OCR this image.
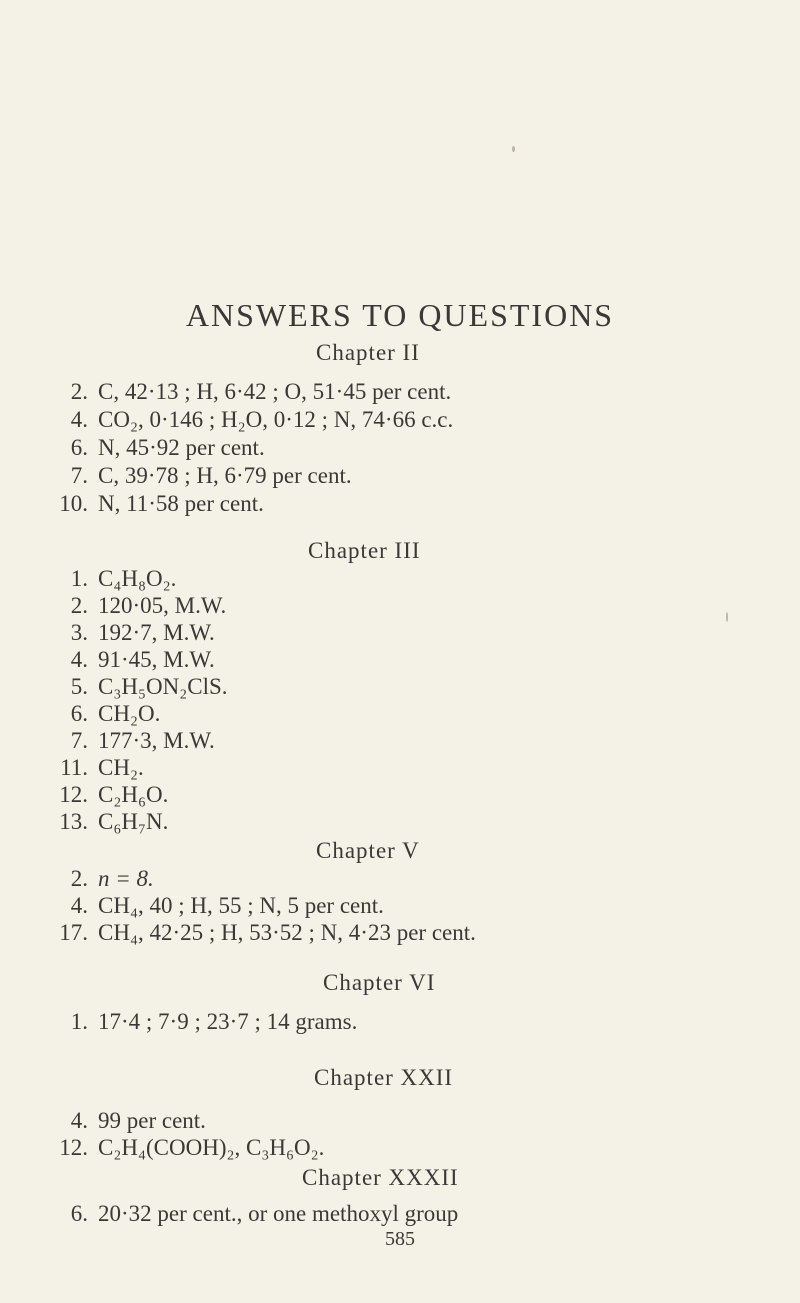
ANSWERS TO QUESTIONS
Chapter II
2. C, 42·13 ; H, 6·42 ; O, 51·45 per cent.
4. CO₂, 0·146 ; H₂O, 0·12 ; N, 74·66 c.c.
6. N, 45·92 per cent.
7. C, 39·78 ; H, 6·79 per cent.
10. N, 11·58 per cent.
Chapter III
1. C₄H₈O₂.
2. 120·05, M.W.
3. 192·7, M.W.
4. 91·45, M.W.
5. C₃H₅ON₂ClS.
6. CH₂O.
7. 177·3, M.W.
11. CH₂.
12. C₂H₆O.
13. C₆H₇N.
Chapter V
2. n = 8.
4. CH₄, 40 ; H, 55 ; N, 5 per cent.
17. CH₄, 42·25 ; H, 53·52 ; N, 4·23 per cent.
Chapter VI
1. 17·4 ; 7·9 ; 23·7 ; 14 grams.
Chapter XXII
4. 99 per cent.
12. C₂H₄(COOH)₂, C₃H₆O₂.
Chapter XXXII
6. 20·32 per cent., or one methoxyl group
585
